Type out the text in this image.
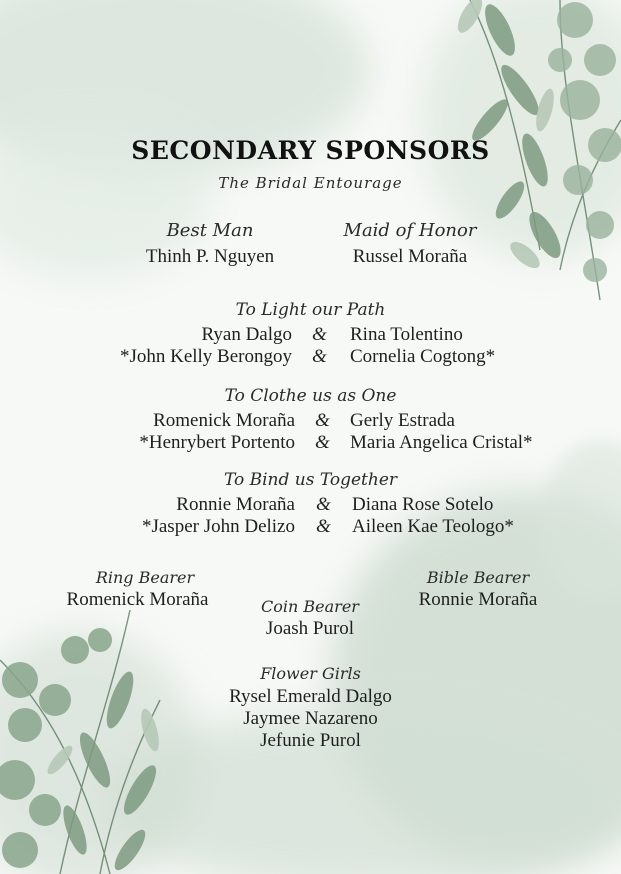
SECONDARY SPONSORS
The Bridal Entourage
Best Man
Thinh P. Nguyen
Maid of Honor
Russel Moraña
To Light our Path
Ryan Dalgo & Rina Tolentino
*John Kelly Berongoy & Cornelia Cogtong*
To Clothe us as One
Romenick Moraña & Gerly Estrada
*Henrybert Portento & Maria Angelica Cristal*
To Bind us Together
Ronnie Moraña & Diana Rose Sotelo
*Jasper John Delizo & Aileen Kae Teologo*
Ring Bearer
Romenick Moraña	Coin Bearer
Joash Purol
Bible Bearer
Ronnie Moraña
Flower Girls
Rysel Emerald Dalgo
Jaymee Nazareno
Jefunie Purol
